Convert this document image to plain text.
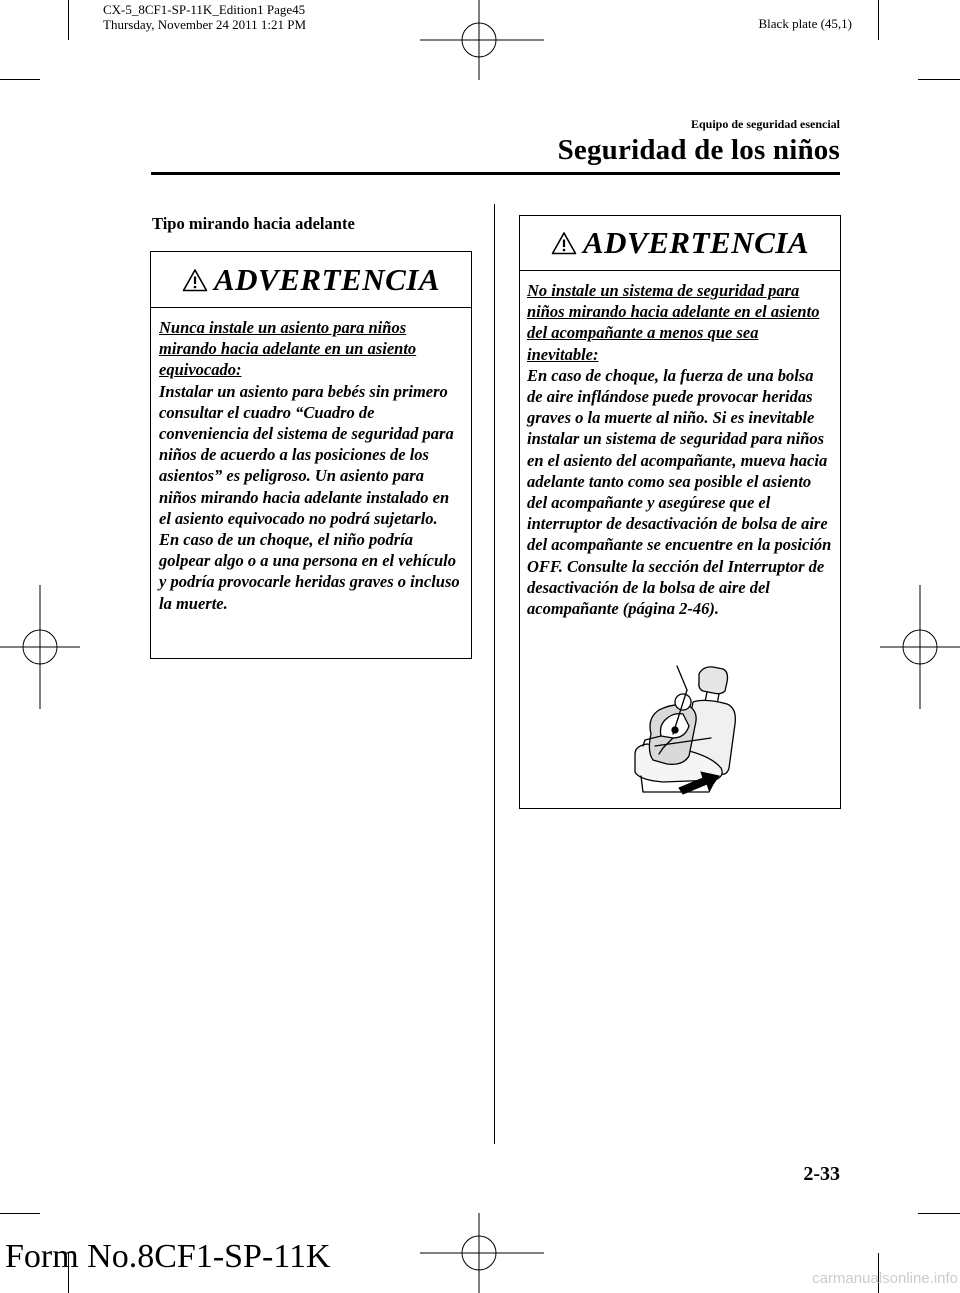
CX-5_8CF1-SP-11K_Edition1 Page45
Thursday, November 24 2011 1:21 PM	Black plate (45,1)
Equipo de seguridad esencial
Seguridad de los niños
Tipo mirando hacia adelante
ADVERTENCIA
Nunca instale un asiento para niños mirando hacia adelante en un asiento equivocado:
Instalar un asiento para bebés sin primero consultar el cuadro “Cuadro de conveniencia del sistema de seguridad para niños de acuerdo a las posiciones de los asientos” es peligroso. Un asiento para niños mirando hacia adelante instalado en el asiento equivocado no podrá sujetarlo. En caso de un choque, el niño podría golpear algo o a una persona en el vehículo y podría provocarle heridas graves o incluso la muerte.
ADVERTENCIA
No instale un sistema de seguridad para niños mirando hacia adelante en el asiento del acompañante a menos que sea inevitable:
En caso de choque, la fuerza de una bolsa de aire inflándose puede provocar heridas graves o la muerte al niño. Si es inevitable instalar un sistema de seguridad para niños en el asiento del acompañante, mueva hacia adelante tanto como sea posible el asiento del acompañante y asegúrese que el interruptor de desactivación de bolsa de aire del acompañante se encuentre en la posición OFF. Consulte la sección del Interruptor de desactivación de la bolsa de aire del acompañante (página 2-46).
2-33
Form No.8CF1-SP-11K
carmanualsonline.info
